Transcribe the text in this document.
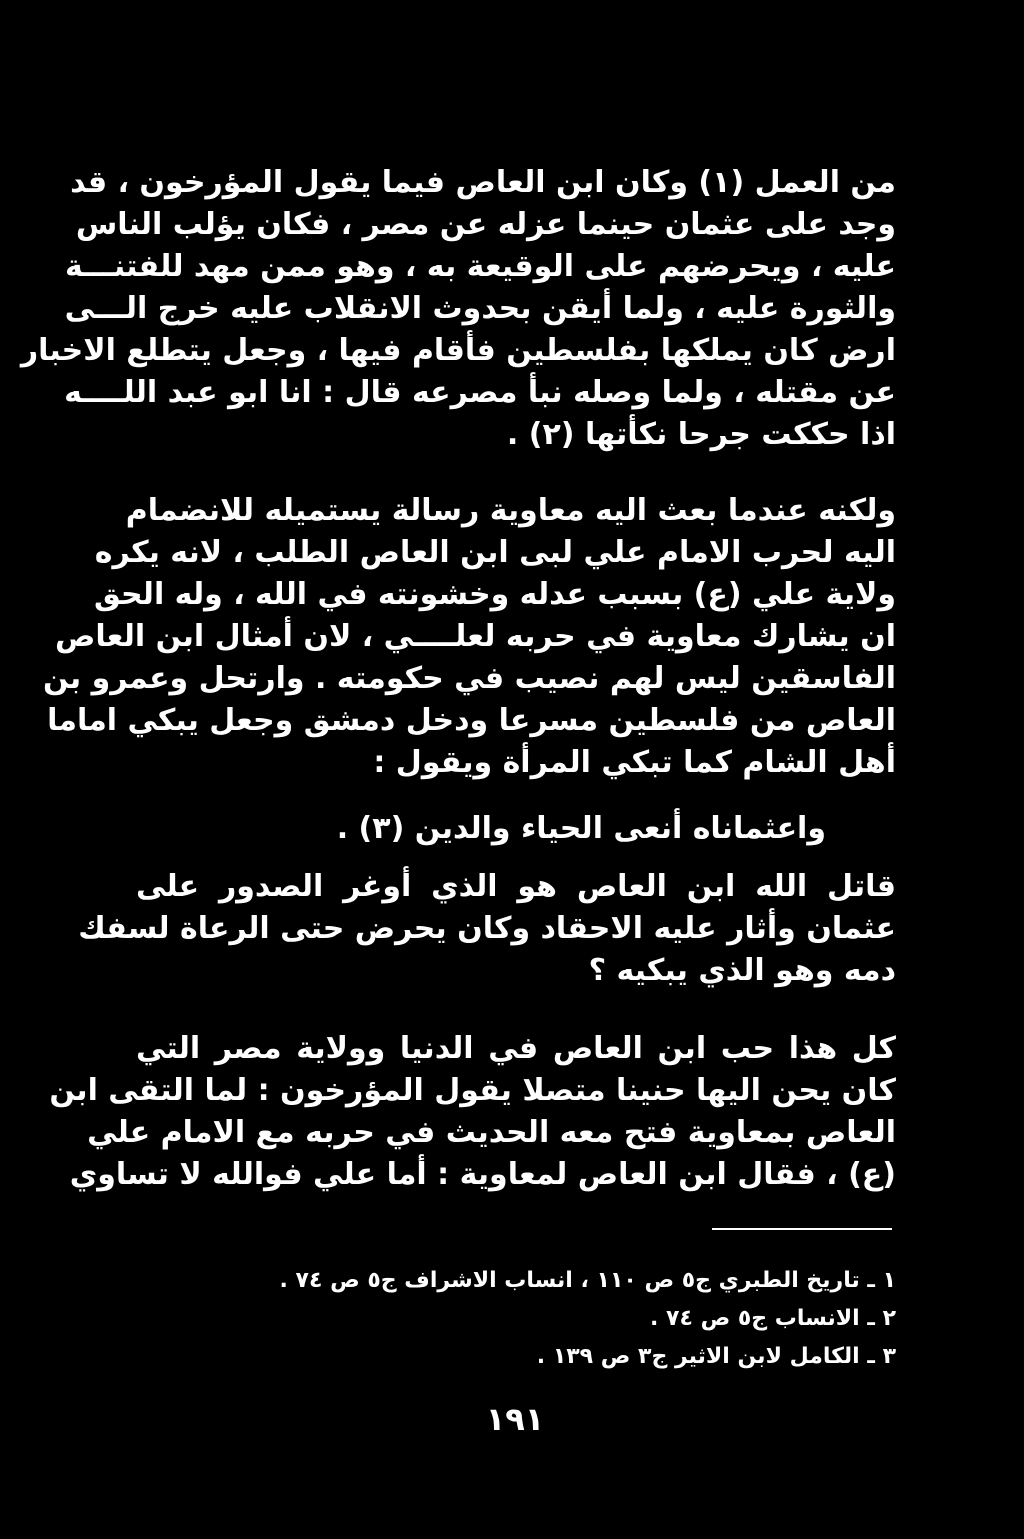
من العمل (۱) وكان ابن العاص فيما يقول المؤرخون ، قد
وجد على عثمان حينما عزله عن مصر ، فكان يؤلب الناس
عليه ، ويحرضهم على الوقيعة به ، وهو ممن مهد للفتنـــة
والثورة عليه ، ولما أيقن بحدوث الانقلاب عليه خرج الـــى
ارض كان يملكها بفلسطين فأقام فيها ، وجعل يتطلع الاخبار
عن مقتله ، ولما وصله نبأ مصرعه قال : انا ابو عبد اللــــه
اذا حككت جرحا نكأتها (۲) .
ولكنه عندما بعث اليه معاوية رسالة يستميله للانضمام
اليه لحرب الامام علي لبى ابن العاص الطلب ، لانه يكره
ولاية علي (ع) بسبب عدله وخشونته في الله ، وله الحق
ان يشارك معاوية في حربه لعلــــي ، لان أمثال ابن العاص
الفاسقين ليس لهم نصيب في حكومته . وارتحل وعمرو بن
العاص من فلسطين مسرعا ودخل دمشق وجعل يبكي اماما
أهل الشام كما تبكي المرأة ويقول :
واعثماناه أنعى الحياء والدين (۳) .
قاتل الله ابن العاص هو الذي أوغر الصدور على
عثمان وأثار عليه الاحقاد وكان يحرض حتى الرعاة لسفك
دمه وهو الذي يبكيه ؟
كل هذا حب ابن العاص في الدنيا وولاية مصر التي
كان يحن اليها حنينا متصلا يقول المؤرخون : لما التقى ابن
العاص بمعاوية فتح معه الحديث في حربه مع الامام علي
(ع) ، فقال ابن العاص لمعاوية : أما علي فوالله لا تساوي
۱ ـ تاريخ الطبري ج٥ ص ۱۱۰ ، انساب الاشراف ج٥ ص ۷٤ .
۲ ـ الانساب ج٥ ص ۷٤ .
۳ ـ الكامل لابن الاثير ج۳ ص ۱۳۹ .
۱۹۱
